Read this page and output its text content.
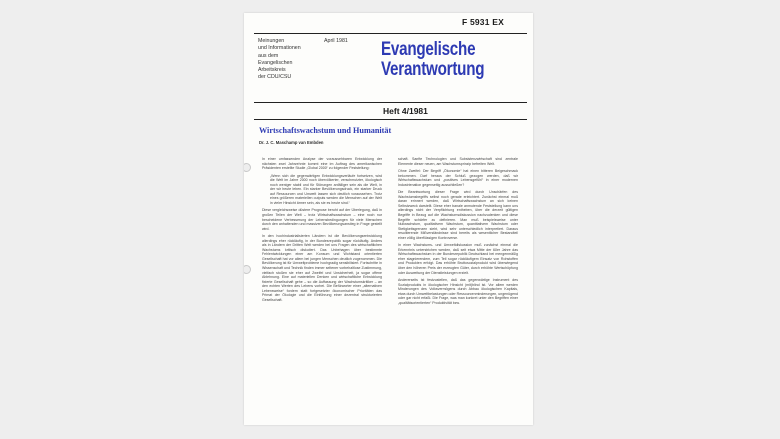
F 5931 EX
Meinungen
und Informationen
aus dem
Evangelischen
Arbeitskreis
der CDU/CSU
April 1981 Evangelische
Verantwortung
Heft 4/1981
Wirtschaftswachstum und Humanität
Dr. J. C. Maschamp van Embden

In einer umfassenden Analyse der voraussehbaren Entwicklung der nächsten zwei Jahrzehnte kommt eine im Auftrag des amerikanischen Präsidenten erstellte Studie „Global 2000“ zu folgender Feststellung:

„Wenn sich die gegenwärtigen Entwicklungsverläufe fortsetzen, wird die Welt im Jahre 2000 noch übervölkerter, verschmutzter, ökologisch noch weniger stabil und für Störungen anfälliger sein als die Welt, in der wir heute leben. Ein starker Bevölkerungsdruck, ein starker Druck auf Ressourcen und Umwelt lassen sich deutlich voraussehen. Trotz eines größeren materiellen outputs werden die Menschen auf der Welt in vieler Hinsicht ärmer sein, als sie es heute sind.“

Diese vergleichsweise düstere Prognose beruht auf der Überlegung, daß in großen Teilen der Welt – trotz Wirtschaftswachstum – eine noch nur bescheidene Verbesserung der Lebensbedingungen für viele Menschen durch den anhaltenden und massiven Bevölkerungsanstieg in Frage gestellt wird.

In den hochindustrialisierten Ländern ist die Bevölkerungsentwicklung allerdings eher rückläufig, in der Bundesrepublik sogar rückläufig. Anders als in Ländern der Dritten Welt werden bei uns Fragen des wirtschaftlichen Wachstums kritisch diskutiert. Das Unbehagen über bestimmte Fehlentwicklungen einer am Konsum und Wohlstand orientierten Gesellschaft hat vor allem bei jungen Menschen deutlich zugenommen. Die Bevölkerung ist für Umweltprobleme hochgradig sensibilisiert. Fortschritte in Wissenschaft und Technik finden immer seltener vorbehaltlose Zustimmung, vielfach stoßen sie eher auf Zweifel und Unsicherheit, ja sogar offene Ablehnung. Eine auf materiellen Denken und wirtschaftliche Entwicklung fixierte Gesellschaft gehe – so die Auffassung der Wachstumskritiker – an den echten Werten des Lebens vorbei. Die Befürworter einer „alternativen Lebensweise“ fordern statt fortgesetzter ökonomischer Prioritäten das Primat der Ökologie und die Einführung einer dezentral strukturierten Gesellschaft.

schaft. Sanfte Technologien und Subsistenzwirtschaft sind zentrale Elemente dieser neuen, am Wachstumsprinzip befreiten Welt.

Ohne Zweifel: Der Begriff „Ökonomie“ hat einen bitteren Beigeschmack bekommen. Darf heraus der Schluß gezogen werden, daß wir Wirtschaftswachstum und „positives Lebensgefühl“ in einer modernen Industrienation gegenseitig ausschließen?

Die Beantwortung dieser Frage wird durch Unschärfen des Wachstumsbegriffs selbst noch gerade erleichtert. Zunächst einmal muß daran erinnert werden, daß Wirtschaftswachstum an sich keinen Selbstzweck darstellt. Diese eher banale anmutende Feststellung kann uns allerdings nicht der Verpflichtung entheben, über die derzeit gültigen Begriffe in Bezug auf die Wachstumsdiskussion nachzudenken und diese Begriffe schärfer zu definieren. Man muß beispielsweise unter Nullwachstum, qualitativem Wachstum, quantitativem Wachstum oder Stetigkeitsgrenzen sieht, wird sehr unterschiedlich interpretiert. Daraus resultierende Mißverständnisse sind bereits als wesentlicher Bestandteil einer völlig überflüssigen Kontroverse.

In einer Wachstums- und Umweltdiskussion muß zunächst einmal die Erkenntnis unterstrichen werden, daß seit etwa Mitte der 60er Jahre das Wirtschaftswachstum in der Bundesrepublik Deutschland bei mengenmäßig eher stagnierendem, zum Teil sogar rückläufigem Einsatz von Rohstoffen und Produkten erfolgt. Das erhöhte Bruttosozialprodukt wird überwiegend über den höheren Preis der erzeugten Güter, durch erhöhte Wertschöpfung oder Ausweitung der Dienstleistungen erzielt.

Andererseits ist festzustellen, daß das gegenwärtige Instrument des Sozialprodukts in ökologischer Hinsicht (mit)blind ist. Vor allem werden Minderungen des Volksvermögens durch Abbau ökologischen Kapitals, etwa durch Umweltbelastungen oder Ressourcenminderungen, ungenügend oder gar nicht erfaßt. Die Frage, was man konkret unter den Begriffen einer „qualitätsorientierten“ Produktivität bzw.
